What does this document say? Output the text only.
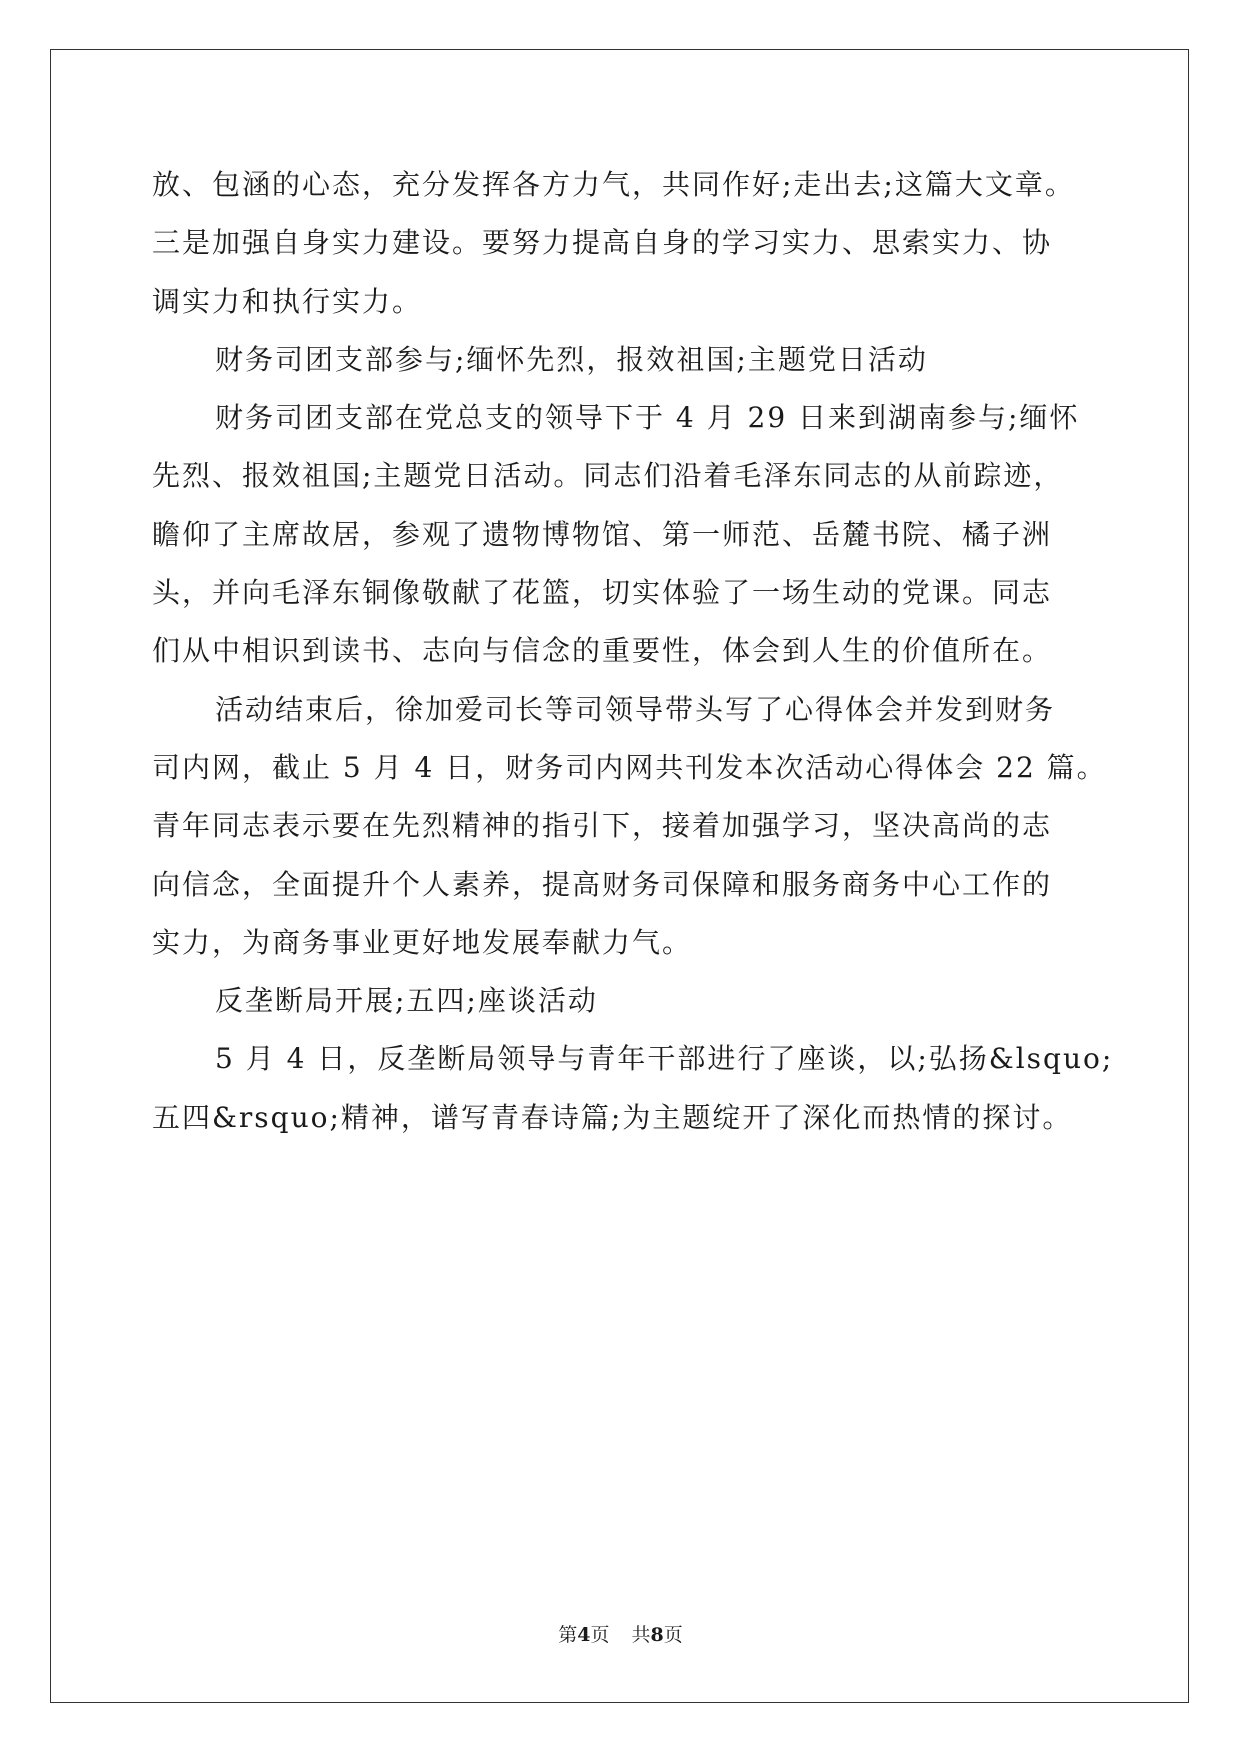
放、包涵的心态，充分发挥各方力气，共同作好;走出去;这篇大文章。
三是加强自身实力建设。要努力提高自身的学习实力、思索实力、协
调实力和执行实力。
财务司团支部参与;缅怀先烈，报效祖国;主题党日活动
财务司团支部在党总支的领导下于 4 月 29 日来到湖南参与;缅怀
先烈、报效祖国;主题党日活动。同志们沿着毛泽东同志的从前踪迹，
瞻仰了主席故居，参观了遗物博物馆、第一师范、岳麓书院、橘子洲
头，并向毛泽东铜像敬献了花篮，切实体验了一场生动的党课。同志
们从中相识到读书、志向与信念的重要性，体会到人生的价值所在。
活动结束后，徐加爱司长等司领导带头写了心得体会并发到财务
司内网，截止 5 月 4 日，财务司内网共刊发本次活动心得体会 22 篇。
青年同志表示要在先烈精神的指引下，接着加强学习，坚决高尚的志
向信念，全面提升个人素养，提高财务司保障和服务商务中心工作的
实力，为商务事业更好地发展奉献力气。
反垄断局开展;五四;座谈活动
5 月 4 日，反垄断局领导与青年干部进行了座谈，以;弘扬&lsquo;
五四&rsquo;精神，谱写青春诗篇;为主题绽开了深化而热情的探讨。
第4页 共8页
